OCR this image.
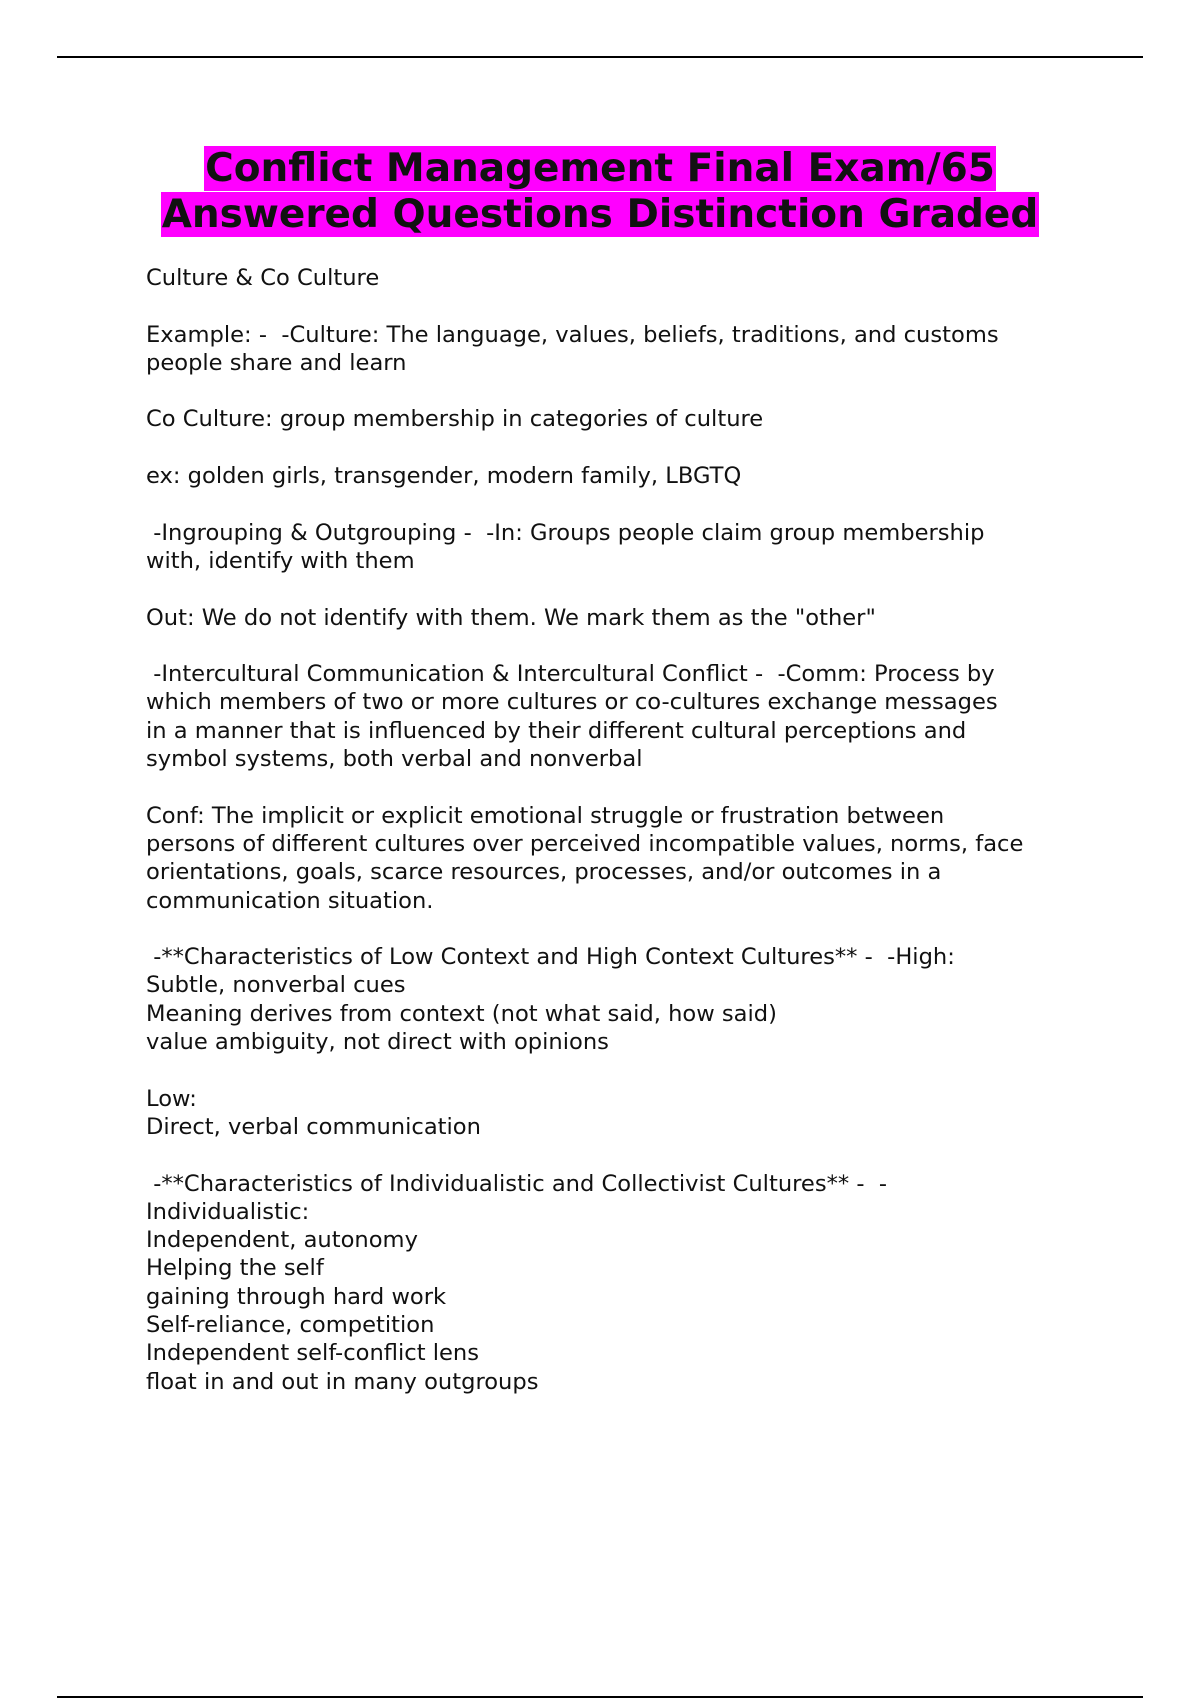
Conflict Management Final Exam/65
Answered Questions Distinction Graded
Culture & Co Culture
Example: -  -Culture: The language, values, beliefs, traditions, and customs
people share and learn
Co Culture: group membership in categories of culture
ex: golden girls, transgender, modern family, LBGTQ
-Ingrouping & Outgrouping -  -In: Groups people claim group membership
with, identify with them
Out: We do not identify with them. We mark them as the "other"
-Intercultural Communication & Intercultural Conflict -  -Comm: Process by
which members of two or more cultures or co-cultures exchange messages
in a manner that is influenced by their different cultural perceptions and
symbol systems, both verbal and nonverbal
Conf: The implicit or explicit emotional struggle or frustration between
persons of different cultures over perceived incompatible values, norms, face
orientations, goals, scarce resources, processes, and/or outcomes in a
communication situation.
-**Characteristics of Low Context and High Context Cultures** -  -High:
Subtle, nonverbal cues
Meaning derives from context (not what said, how said)
value ambiguity, not direct with opinions
Low:
Direct, verbal communication
-**Characteristics of Individualistic and Collectivist Cultures** -  -
Individualistic:
Independent, autonomy
Helping the self
gaining through hard work
Self-reliance, competition
Independent self-conflict lens
float in and out in many outgroups
